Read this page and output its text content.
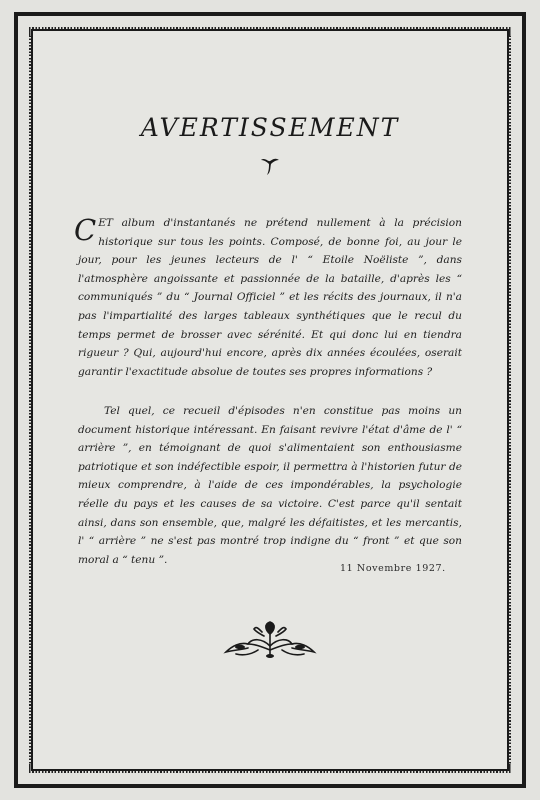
AVERTISSEMENT
CET album d'instantanés ne prétend nullement à la précision historique sur tous les points. Composé, de bonne foi, au jour le jour, pour les jeunes lecteurs de l' “ Etoile Noëliste ”, dans l'atmosphère angoissante et passionnée de la bataille, d'après les “ communiqués ” du “ Journal Officiel ” et les récits des journaux, il n'a pas l'impartialité des larges tableaux synthétiques que le recul du temps permet de brosser avec sérénité. Et qui donc lui en tiendra rigueur ? Qui, aujourd'hui encore, après dix années écoulées, oserait garantir l'exactitude absolue de toutes ses propres informations ?
Tel quel, ce recueil d'épisodes n'en constitue pas moins un document historique intéressant. En faisant revivre l'état d'âme de l' “ arrière ”, en témoignant de quoi s'alimentaient son enthousiasme patriotique et son indéfectible espoir, il permettra à l'historien futur de mieux comprendre, à l'aide de ces impondérables, la psychologie réelle du pays et les causes de sa victoire. C'est parce qu'il sentait ainsi, dans son ensemble, que, malgré les défaitistes, et les mercantis, l' “ arrière ” ne s'est pas montré trop indigne du “ front ” et que son moral a “ tenu ”.
11 Novembre 1927.
